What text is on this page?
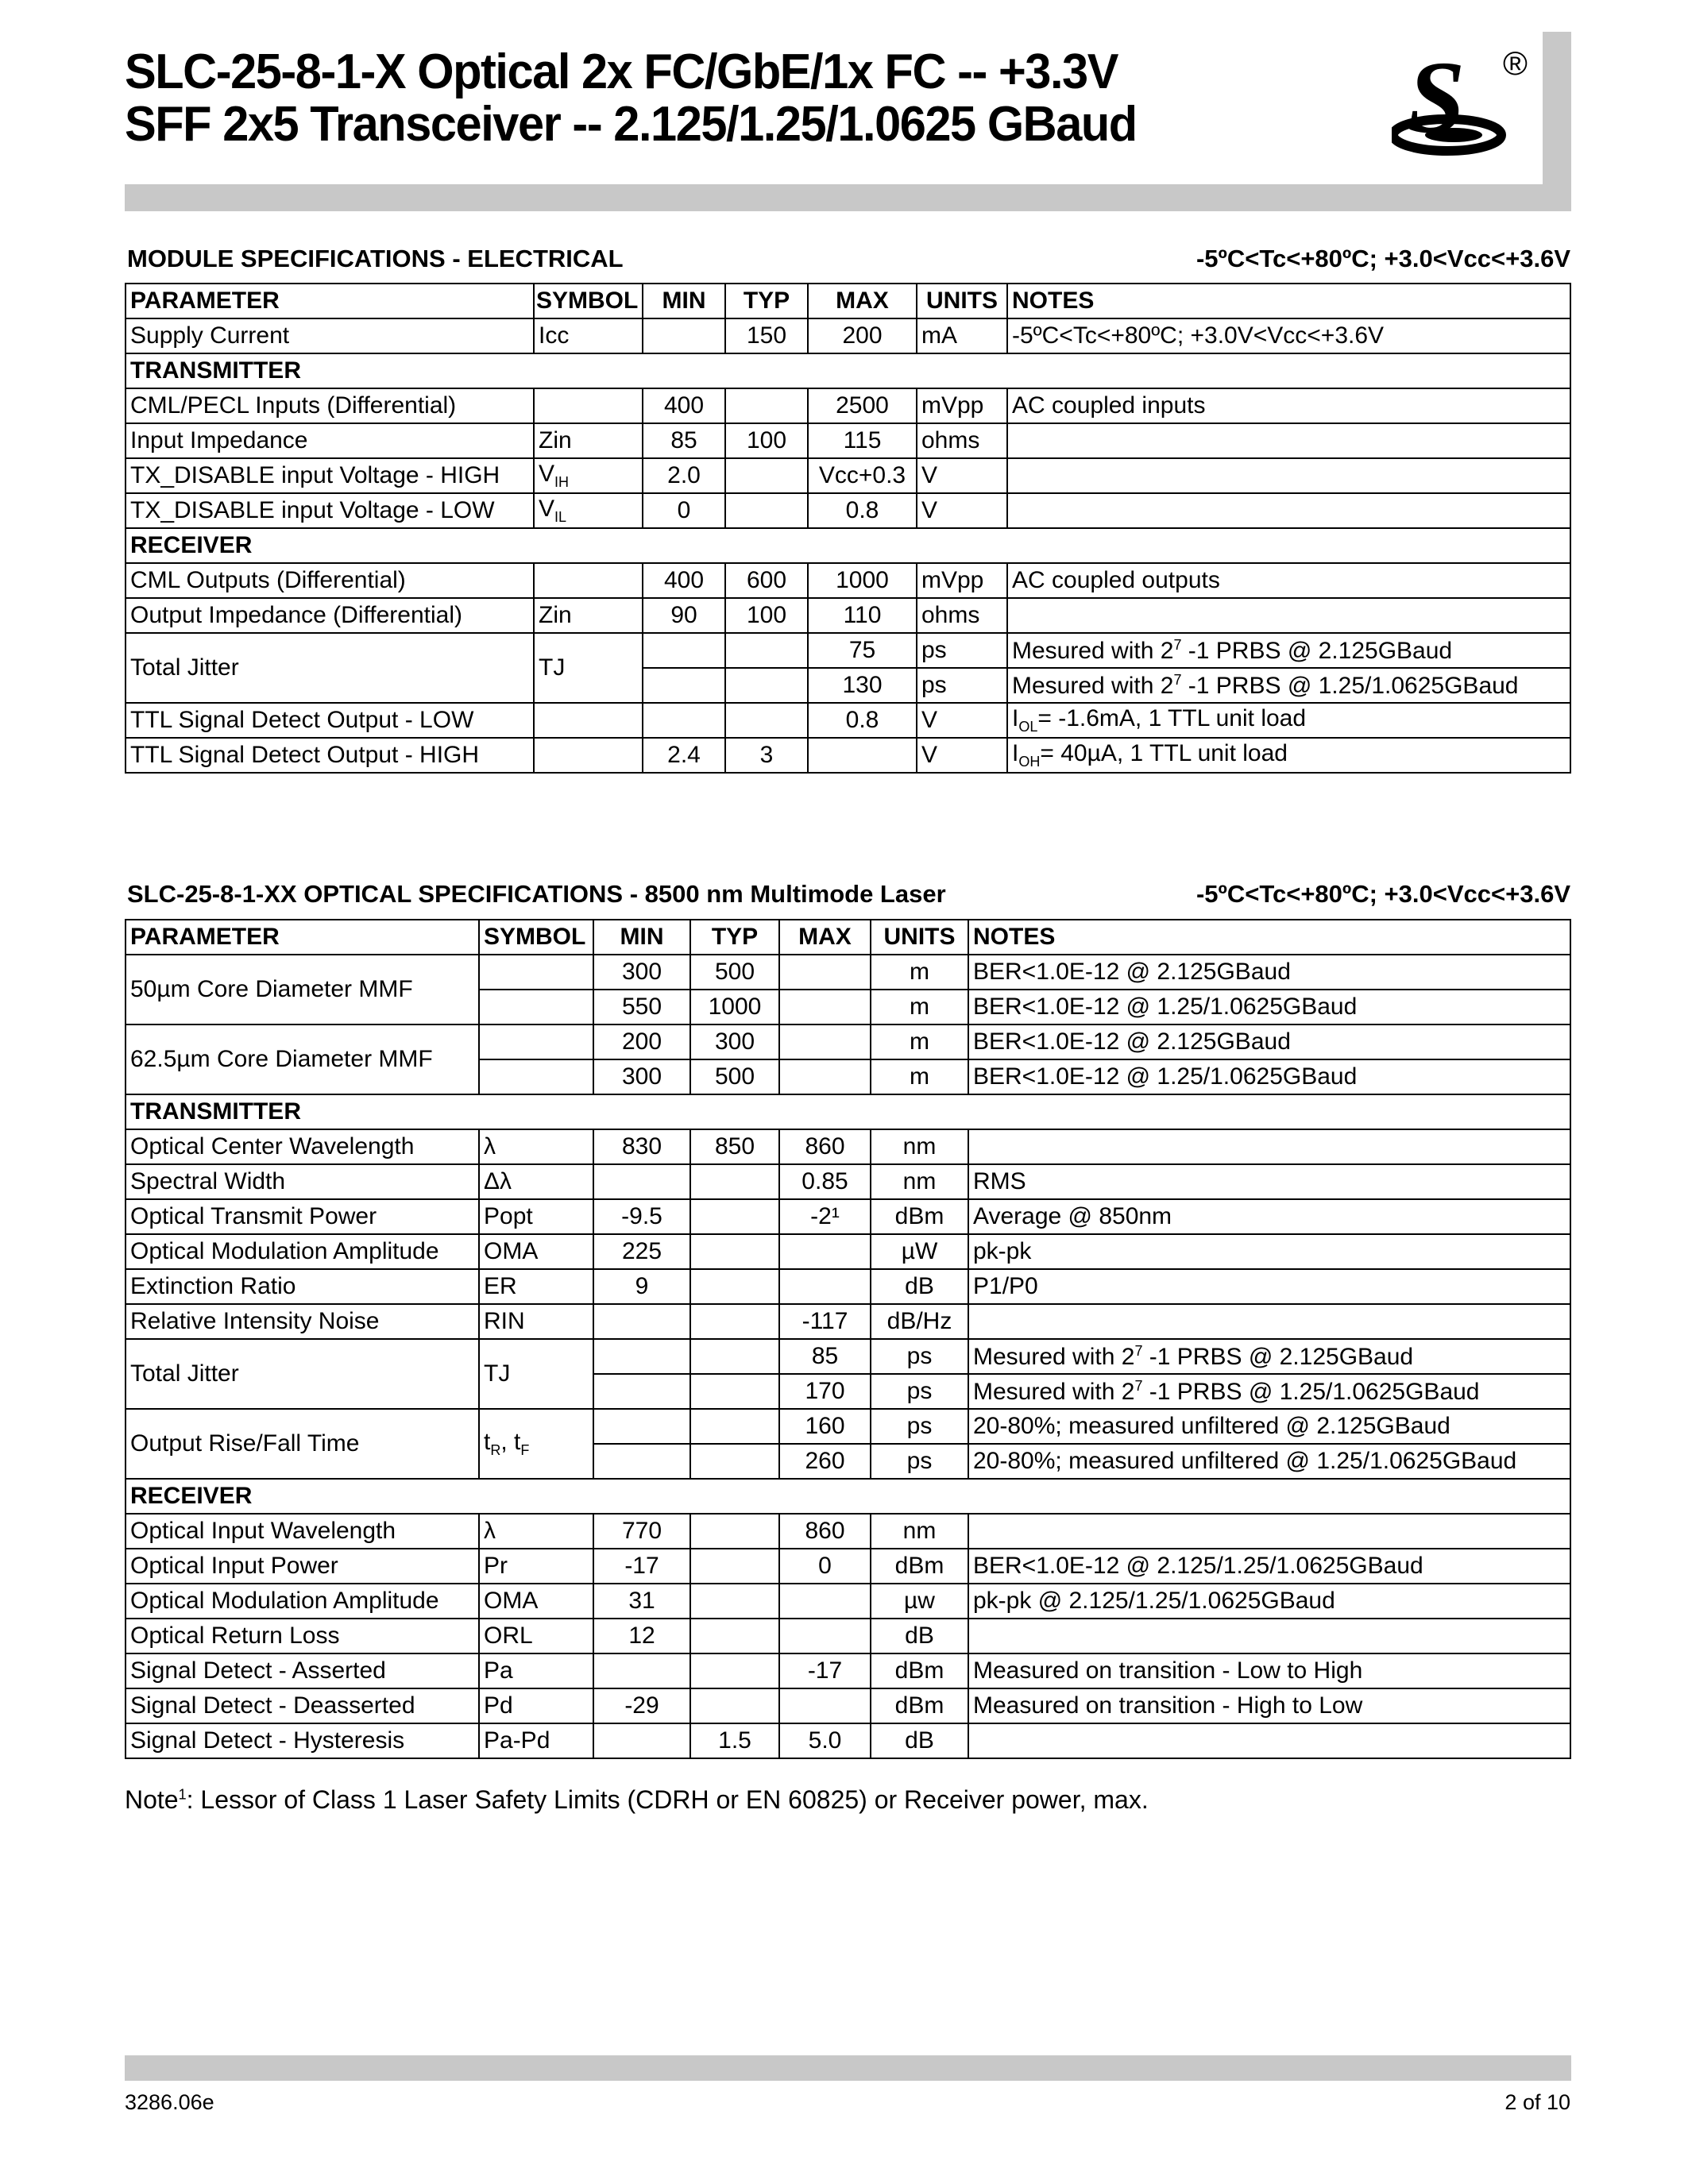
SLC-25-8-1-X Optical 2x FC/GbE/1x FC -- +3.3V
SFF 2x5 Transceiver -- 2.125/1.25/1.0625 GBaud	S ®
MODULE SPECIFICATIONS - ELECTRICAL	-5ºC<Tc<+80ºC; +3.0<Vcc<+3.6V
PARAMETER	SYMBOL	MIN	TYP	MAX	UNITS	NOTES
Supply Current	Icc		150	200	mA	-5ºC<Tc<+80ºC; +3.0V<Vcc<+3.6V
TRANSMITTER						
CML/PECL Inputs (Differential)		400		2500	mVpp	AC coupled inputs
Input Impedance	Zin	85	100	115	ohms	
TX_DISABLE input Voltage - HIGH	$V_{IH}$	2.0		Vcc+0.3	V	
TX_DISABLE input Voltage - LOW	$V_{IL}$	0		0.8	V	
RECEIVER						
CML Outputs (Differential)		400	600	1000	mVpp	AC coupled outputs
Output Impedance (Differential)	Zin	90	100	110	ohms	
Total Jitter	TJ			75	ps	Mesured with $2^7$ -1 PRBS @ 2.125GBaud
				130	ps	Mesured with $2^7$ -1 PRBS @ 1.25/1.0625GBaud
TTL Signal Detect Output - LOW				0.8	V	$I_{OL}= -1.6mA$, 1 TTL unit load
TTL Signal Detect Output - HIGH		2.4	3		V	$I_{OH}= 40\mu A$, 1 TTL unit load
SLC-25-8-1-XX OPTICAL SPECIFICATIONS - 8500 nm Multimode Laser	-5ºC<Tc<+80ºC; +3.0<Vcc<+3.6V
PARAMETER	SYMBOL	MIN	TYP	MAX	UNITS	NOTES
50µm Core Diameter MMF		300	500		m	BER<1.0E-12 @ 2.125GBaud
		550	1000		m	BER<1.0E-12 @ 1.25/1.0625GBaud
62.5µm Core Diameter MMF		200	300		m	BER<1.0E-12 @ 2.125GBaud
		300	500		m	BER<1.0E-12 @ 1.25/1.0625GBaud
TRANSMITTER						
Optical Center Wavelength	λ	830	850	860	nm	
Spectral Width	Δλ			0.85	nm	RMS
Optical Transmit Power	Popt	-9.5		-2¹	dBm	Average @ 850nm
Optical Modulation Amplitude	OMA	225			µW	pk-pk
Extinction Ratio	ER	9			dB	P1/P0
Relative Intensity Noise	RIN			-117	dB/Hz	
Total Jitter	TJ			85	ps	Mesured with $2^7$ -1 PRBS @ 2.125GBaud
				170	ps	Mesured with $2^7$ -1 PRBS @ 1.25/1.0625GBaud
Output Rise/Fall Time	$t_R$, $t_F$			160	ps	20-80%; measured unfiltered @ 2.125GBaud
				260	ps	20-80%; measured unfiltered @ 1.25/1.0625GBaud
RECEIVER						
Optical Input Wavelength	λ	770		860	nm	
Optical Input Power	Pr	-17		0	dBm	BER<1.0E-12 @ 2.125/1.25/1.0625GBaud
Optical Modulation Amplitude	OMA	31			µw	pk-pk @ 2.125/1.25/1.0625GBaud
Optical Return Loss	ORL	12			dB	
Signal Detect - Asserted	Pa			-17	dBm	Measured on transition - Low to High
Signal Detect - Deasserted	Pd	-29			dBm	Measured on transition - High to Low
Signal Detect - Hysteresis	Pa-Pd		1.5	5.0	dB	
Note$^1$: Lessor of Class 1 Laser Safety Limits (CDRH or EN 60825) or Receiver power, max.
3286.06e	2 of 10
